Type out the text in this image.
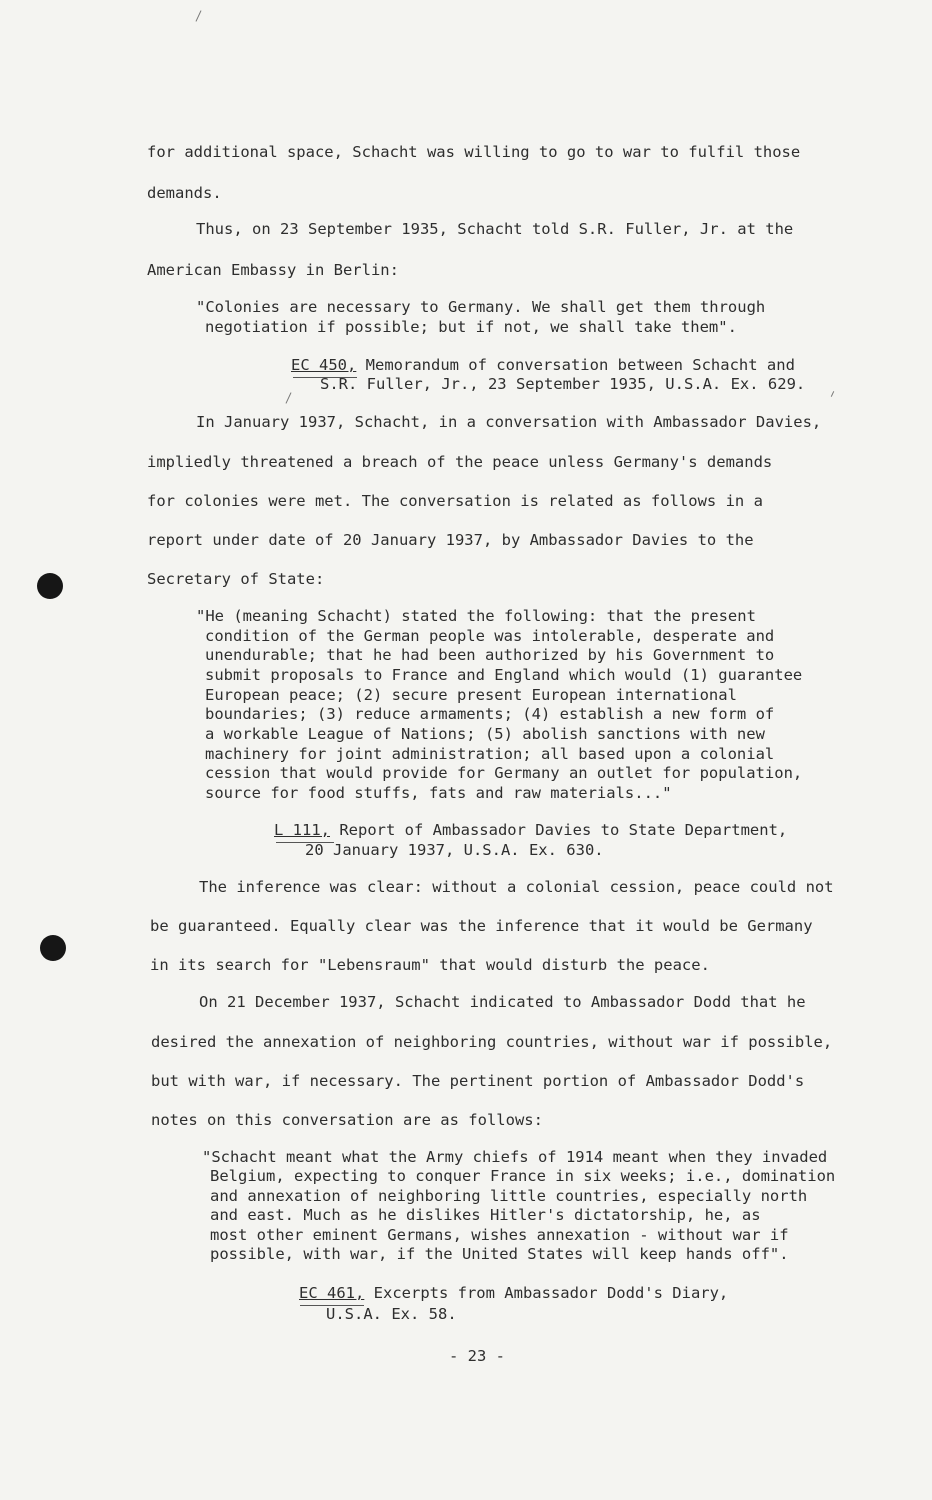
for additional space, Schacht was willing to go to war to fulfil those
demands.
Thus, on 23 September 1935, Schacht told S.R. Fuller, Jr. at the
American Embassy in Berlin:
"Colonies are necessary to Germany. We shall get them through
negotiation if possible; but if not, we shall take them".
EC 450, Memorandum of conversation between Schacht and
S.R. Fuller, Jr., 23 September 1935, U.S.A. Ex. 629.
In January 1937, Schacht, in a conversation with Ambassador Davies,
impliedly threatened a breach of the peace unless Germany's demands
for colonies were met. The conversation is related as follows in a
report under date of 20 January 1937, by Ambassador Davies to the
Secretary of State:
"He (meaning Schacht) stated the following: that the present
condition of the German people was intolerable, desperate and
unendurable; that he had been authorized by his Government to
submit proposals to France and England which would (1) guarantee
European peace; (2) secure present European international
boundaries; (3) reduce armaments; (4) establish a new form of
a workable League of Nations; (5) abolish sanctions with new
machinery for joint administration; all based upon a colonial
cession that would provide for Germany an outlet for population,
source for food stuffs, fats and raw materials..."
L 111, Report of Ambassador Davies to State Department,
20 January 1937, U.S.A. Ex. 630.
The inference was clear: without a colonial cession, peace could not
be guaranteed. Equally clear was the inference that it would be Germany
in its search for "Lebensraum" that would disturb the peace.
On 21 December 1937, Schacht indicated to Ambassador Dodd that he
desired the annexation of neighboring countries, without war if possible,
but with war, if necessary. The pertinent portion of Ambassador Dodd's
notes on this conversation are as follows:
"Schacht meant what the Army chiefs of 1914 meant when they invaded
Belgium, expecting to conquer France in six weeks; i.e., domination
and annexation of neighboring little countries, especially north
and east. Much as he dislikes Hitler's dictatorship, he, as
most other eminent Germans, wishes annexation - without war if
possible, with war, if the United States will keep hands off".
EC 461, Excerpts from Ambassador Dodd's Diary,
U.S.A. Ex. 58.
- 23 -
